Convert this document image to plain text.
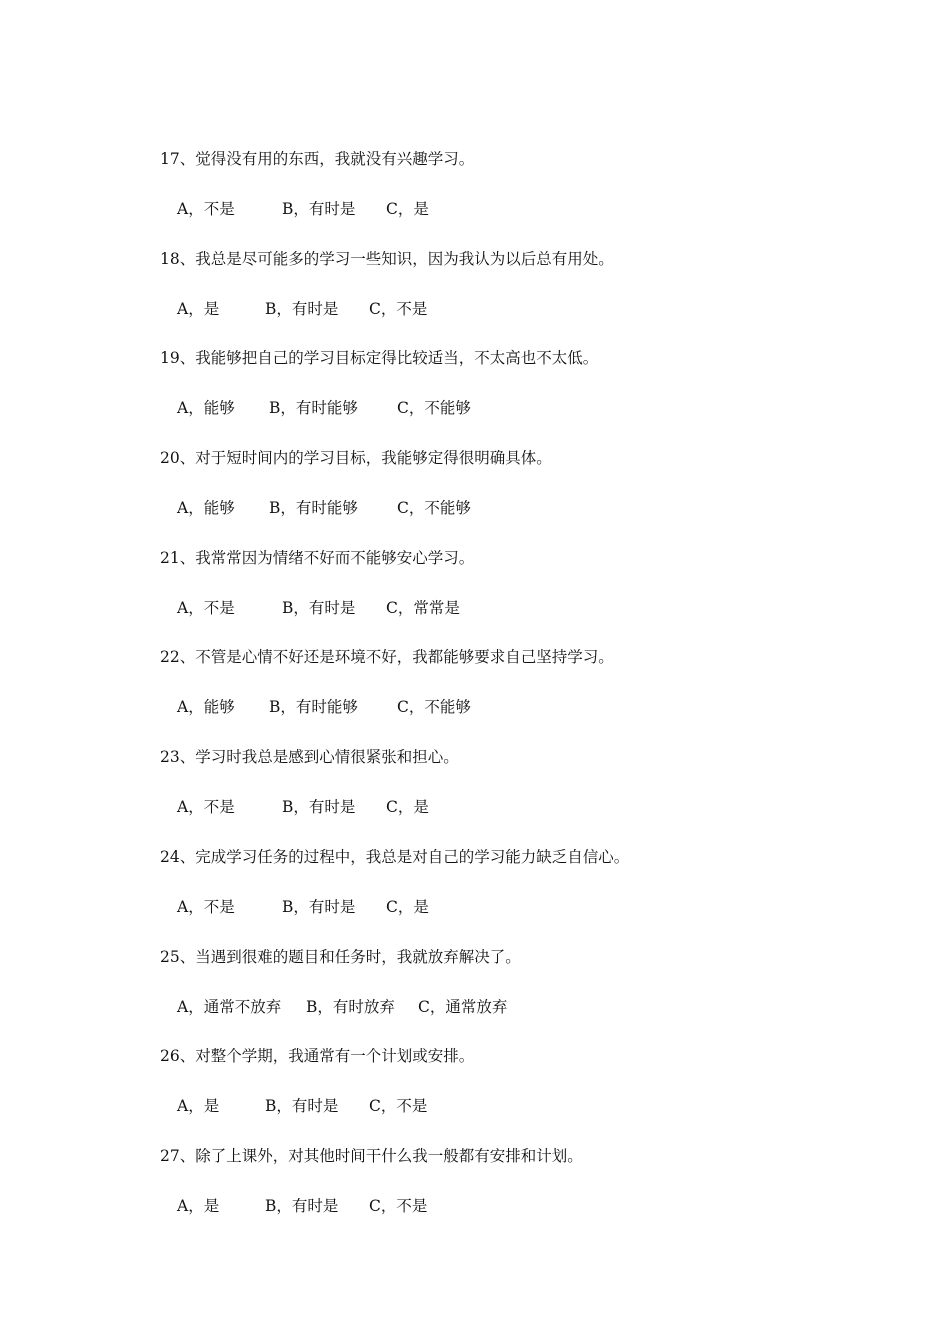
17、觉得没有用的东西，我就没有兴趣学习。
A，不是	B，有时是 C，是
18、我总是尽可能多的学习一些知识，因为我认为以后总有用处。
A，是	B，有时是 C，不是
19、我能够把自己的学习目标定得比较适当，不太高也不太低。
A，能够 B，有时能够	C，不能够
20、对于短时间内的学习目标，我能够定得很明确具体。
A，能够 B，有时能够	C，不能够
21、我常常因为情绪不好而不能够安心学习。
A，不是	B，有时是 C，常常是
22、不管是心情不好还是环境不好，我都能够要求自己坚持学习。
A，能够 B，有时能够	C，不能够
23、学习时我总是感到心情很紧张和担心。
A，不是	B，有时是 C，是
24、完成学习任务的过程中，我总是对自己的学习能力缺乏自信心。
A，不是	B，有时是 C，是
25、当遇到很难的题目和任务时，我就放弃解决了。
A，通常不放弃 B，有时放弃 C，通常放弃
26、对整个学期，我通常有一个计划或安排。
A，是	B，有时是 C，不是
27、除了上课外，对其他时间干什么我一般都有安排和计划。
A，是	B，有时是 C，不是
